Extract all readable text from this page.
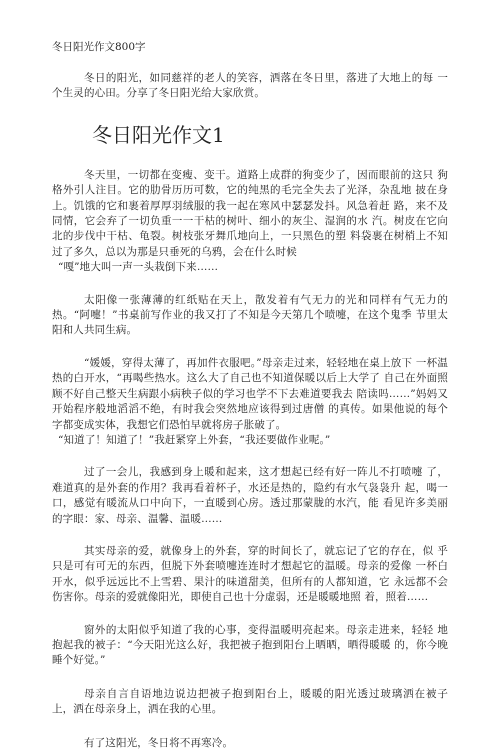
冬日阳光作文800字

冬日的阳光，如同慈祥的老人的笑容，洒落在冬日里，落进了大地上的每 一个生灵的心田。分享了冬日阳光给大家欣赏。

冬日阳光作文1

冬天里，一切都在变瘦、变干。道路上成群的狗变少了，因而眼前的这只 狗格外引人注目。它的肋骨历历可数，它的纯黑的毛完全失去了光泽，杂乱地 披在身上。饥饿的它和裹着厚厚羽绒服的我一起在寒风中瑟瑟发抖。风急着赶 路，来不及同情，它会弃了一切负重一一干枯的树叶、细小的灰尘、湿润的水 汽。树皮在它向北的步伐中干枯、龟裂。树枝张牙舞爪地向上，一只黑色的塑 料袋裹在树梢上不知过了多久，总以为那是只垂死的乌鸦，会在什么时候

“嘎”地大叫一声一头栽倒下来……

太阳像一张薄薄的红纸贴在天上，散发着有气无力的光和同样有气无力的 热。“阿嚏！”书桌前写作业的我又打了不知是今天第几个喷嚏，在这个鬼季 节里太阳和人共同生病。

“媛媛，穿得太薄了，再加件衣服吧。”母亲走过来，轻轻地在桌上放下 一杯温热的白开水，“再喝些热水。这么大了自己也不知道保暖以后上大学了 自己在外面照顾不好自己整天生病跟小病秧子似的学习也学不下去难道要我去 陪读吗……”妈妈又开始程序般地滔滔不绝，有时我会突然地应该得到过唐僧 的真传。如果他说的每个字都变成实体，我想它们恐怕早就将房子胀破了。

“知道了！知道了！”我赶紧穿上外套，“我还要做作业呢。”

过了一会儿，我感到身上暖和起来，这才想起已经有好一阵儿不打喷嚏 了，难道真的是外套的作用？我再看着杯子，水还是热的，隐约有水气袅袅升 起，喝一口，感觉有暖流从口中向下，一直暖到心房。透过那蒙胧的水汽，能 看见许多美丽的字眼：家、母亲、温馨、温暖……

其实母亲的爱，就像身上的外套，穿的时间长了，就忘记了它的存在，似 乎只是可有可无的东西，但脱下外套喷嚏连连时才想起它的温暖。母亲的爱像 一杯白开水，似乎远远比不上雪碧、果汁的味道甜美，但所有的人都知道，它 永远都不会伤害你。母亲的爱就像阳光，即使自己也十分虚弱，还是暖暖地照 着，照着……

窗外的太阳似乎知道了我的心事，变得温暖明亮起来。母亲走进来，轻轻 地抱起我的被子：“今天阳光这么好，我把被子抱到阳台上晒晒，晒得暖暖 的，你今晚睡个好觉。”

母亲自言自语地边说边把被子抱到阳台上，暖暖的阳光透过玻璃洒在被子 上，洒在母亲身上，洒在我的心里。

有了这阳光，冬日将不再寒冷。
